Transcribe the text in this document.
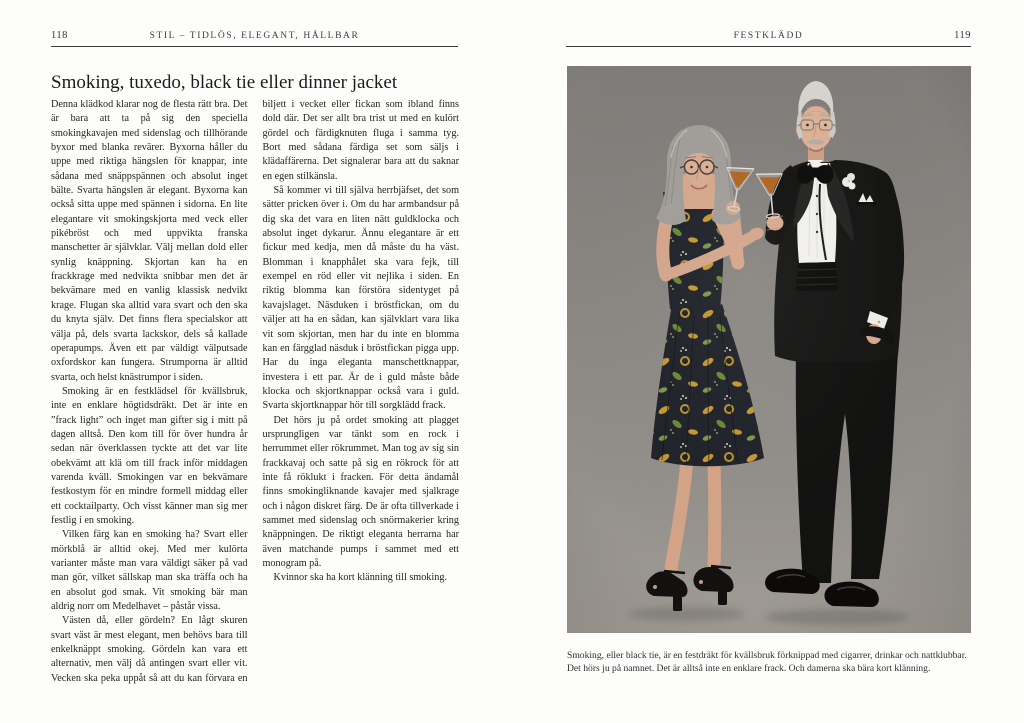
118	STIL – TIDLÖS, ELEGANT, HÅLLBAR
Smoking, tuxedo, black tie eller dinner jacket

Denna klädkod klarar nog de flesta rätt bra. Det är bara att ta på sig den speciella smokingkavajen med sidenslag och tillhörande byxor med blanka revärer. Byxorna håller du uppe med riktiga hängslen för knappar, inte sådana med snäppspännen och absolut inget bälte. Svarta hängslen är elegant. Byxorna kan också sitta uppe med spännen i sidorna. En lite elegantare vit smokingskjorta med veck eller pikébröst och med uppvikta franska manschetter är självklar. Välj mellan dold eller synlig knäppning. Skjortan kan ha en frackkrage med nedvikta snibbar men det är bekvämare med en vanlig klassisk nedvikt krage. Flugan ska alltid vara svart och den ska du knyta själv. Det finns flera specialskor att välja på, dels svarta lackskor, dels så kallade operapumps. Även ett par väldigt välputsade oxfordskor kan fungera. Strumporna är alltid svarta, och helst knästrumpor i siden.

Smoking är en festklädsel för kvällsbruk, inte en enklare högtidsdräkt. Det är inte en ”frack light” och inget man gifter sig i mitt på dagen alltså. Den kom till för över hundra år sedan när överklassen tyckte att det var lite obekvämt att klä om till frack inför middagen varenda kväll. Smokingen var en bekvämare festkostym för en mindre formell middag eller ett cocktailparty. Och visst känner man sig mer festlig i en smoking.

Vilken färg kan en smoking ha? Svart eller mörkblå är alltid okej. Med mer kulörta varianter måste man vara väldigt säker på vad man gör, vilket sällskap man ska träffa och ha en absolut god smak. Vit smoking bär man aldrig norr om Medelhavet – påstår vissa.

Västen då, eller gördeln? En lågt skuren svart väst är mest elegant, men behövs bara till enkelknäppt smoking. Gördeln kan vara ett alternativ, men välj då antingen svart eller vit. Vecken ska peka uppåt så att du kan förvara en biljett i vecket eller fickan som ibland finns dold där. Det ser allt bra trist ut med en kulört gördel och färdigknuten fluga i samma tyg. Bort med sådana färdiga set som säljs i klädaffärerna. Det signalerar bara att du saknar en egen stilkänsla.

Så kommer vi till själva herrbjäfset, det som sätter pricken över i. Om du har armbandsur på dig ska det vara en liten nätt guldklocka och absolut inget dykarur. Ännu elegantare är ett fickur med kedja, men då måste du ha väst. Blomman i knapphålet ska vara fejk, till exempel en röd eller vit nejlika i siden. En riktig blomma kan förstöra sidentyget på kavajslaget. Näsduken i bröstfickan, om du väljer att ha en sådan, kan självklart vara lika vit som skjortan, men har du inte en blomma kan en färgglad näsduk i bröstfickan pigga upp. Har du inga eleganta manschettknappar, investera i ett par. Är de i guld måste både klocka och skjortknappar också vara i guld. Svarta skjortknappar hör till sorgklädd frack.

Det hörs ju på ordet smoking att plagget ursprungligen var tänkt som en rock i herrummet eller rökrummet. Man tog av sig sin frackkavaj och satte på sig en rökrock för att inte få röklukt i fracken. För detta ändamål finns smokingliknande kavajer med sjalkrage och i någon diskret färg. De är ofta tillverkade i sammet med sidenslag och snörmakerier kring knäppningen. De riktigt eleganta herrarna har även matchande pumps i sammet med ett monogram på.

Kvinnor ska ha kort klänning till smoking.

FESTKLÄDD	119

Smoking, eller black tie, är en festdräkt för kvällsbruk förknippad med cigarrer, drinkar och nattklubbar. Det hörs ju på namnet. Det är alltså inte en enklare frack. Och damerna ska bära kort klänning.
